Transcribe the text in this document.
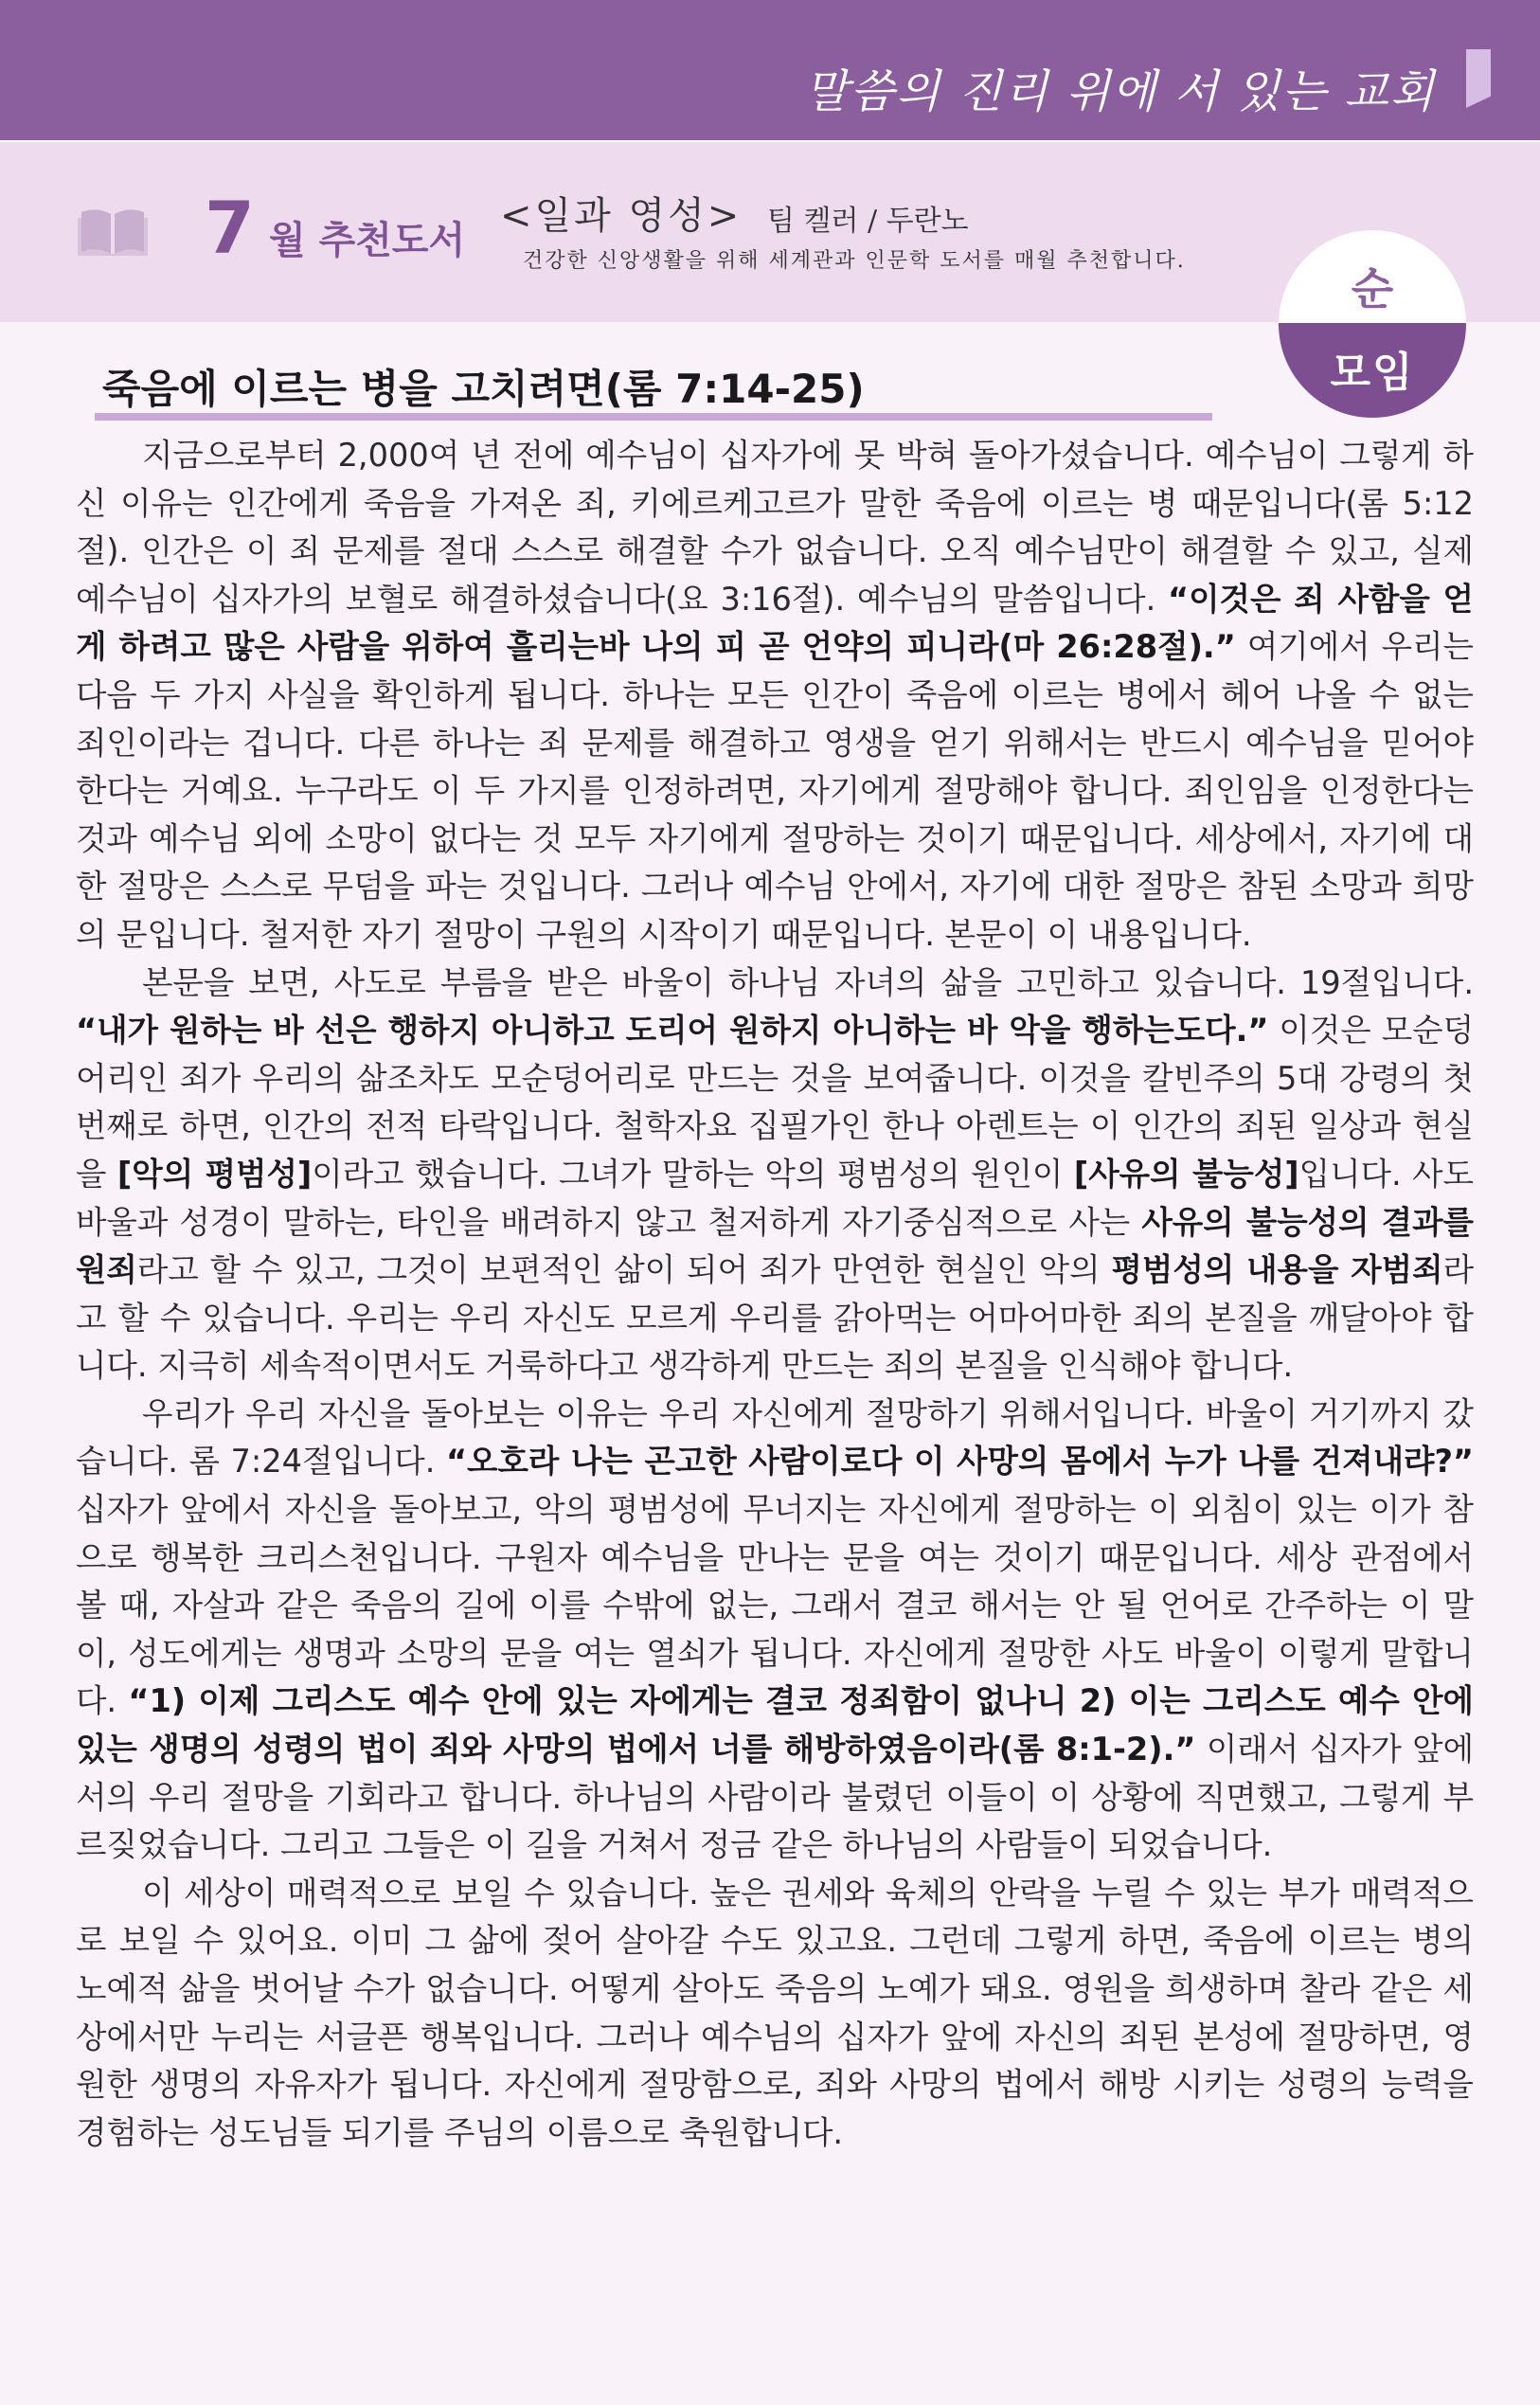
말씀의 진리 위에 서 있는 교회
7 월 추천도서
<일과 영성> 팀 켈러 / 두란노
건강한 신앙생활을 위해 세계관과 인문학 도서를 매월 추천합니다.
순
모임
죽음에 이르는 병을 고치려면(롬 7:14-25)

지금으로부터 2,000여 년 전에 예수님이 십자가에 못 박혀 돌아가셨습니다. 예수님이 그렇게 하신 이유는 인간에게 죽음을 가져온 죄, 키에르케고르가 말한 죽음에 이르는 병 때문입니다(롬 5:12절). 인간은 이 죄 문제를 절대 스스로 해결할 수가 없습니다. 오직 예수님만이 해결할 수 있고, 실제 예수님이 십자가의 보혈로 해결하셨습니다(요 3:16절). 예수님의 말씀입니다. “이것은 죄 사함을 얻게 하려고 많은 사람을 위하여 흘리는바 나의 피 곧 언약의 피니라(마 26:28절).” 여기에서 우리는 다음 두 가지 사실을 확인하게 됩니다. 하나는 모든 인간이 죽음에 이르는 병에서 헤어 나올 수 없는 죄인이라는 겁니다. 다른 하나는 죄 문제를 해결하고 영생을 얻기 위해서는 반드시 예수님을 믿어야 한다는 거예요. 누구라도 이 두 가지를 인정하려면, 자기에게 절망해야 합니다. 죄인임을 인정한다는 것과 예수님 외에 소망이 없다는 것 모두 자기에게 절망하는 것이기 때문입니다. 세상에서, 자기에 대한 절망은 스스로 무덤을 파는 것입니다. 그러나 예수님 안에서, 자기에 대한 절망은 참된 소망과 희망의 문입니다. 철저한 자기 절망이 구원의 시작이기 때문입니다. 본문이 이 내용입니다.

본문을 보면, 사도로 부름을 받은 바울이 하나님 자녀의 삶을 고민하고 있습니다. 19절입니다. “내가 원하는 바 선은 행하지 아니하고 도리어 원하지 아니하는 바 악을 행하는도다.” 이것은 모순덩어리인 죄가 우리의 삶조차도 모순덩어리로 만드는 것을 보여줍니다. 이것을 칼빈주의 5대 강령의 첫 번째로 하면, 인간의 전적 타락입니다. 철학자요 집필가인 한나 아렌트는 이 인간의 죄된 일상과 현실을 [악의 평범성]이라고 했습니다. 그녀가 말하는 악의 평범성의 원인이 [사유의 불능성]입니다. 사도 바울과 성경이 말하는, 타인을 배려하지 않고 철저하게 자기중심적으로 사는 사유의 불능성의 결과를 원죄라고 할 수 있고, 그것이 보편적인 삶이 되어 죄가 만연한 현실인 악의 평범성의 내용을 자범죄라고 할 수 있습니다. 우리는 우리 자신도 모르게 우리를 갉아먹는 어마어마한 죄의 본질을 깨달아야 합니다. 지극히 세속적이면서도 거룩하다고 생각하게 만드는 죄의 본질을 인식해야 합니다.

우리가 우리 자신을 돌아보는 이유는 우리 자신에게 절망하기 위해서입니다. 바울이 거기까지 갔습니다. 롬 7:24절입니다. “오호라 나는 곤고한 사람이로다 이 사망의 몸에서 누가 나를 건져내랴?” 십자가 앞에서 자신을 돌아보고, 악의 평범성에 무너지는 자신에게 절망하는 이 외침이 있는 이가 참으로 행복한 크리스천입니다. 구원자 예수님을 만나는 문을 여는 것이기 때문입니다. 세상 관점에서 볼 때, 자살과 같은 죽음의 길에 이를 수밖에 없는, 그래서 결코 해서는 안 될 언어로 간주하는 이 말이, 성도에게는 생명과 소망의 문을 여는 열쇠가 됩니다. 자신에게 절망한 사도 바울이 이렇게 말합니다. “1) 이제 그리스도 예수 안에 있는 자에게는 결코 정죄함이 없나니 2) 이는 그리스도 예수 안에 있는 생명의 성령의 법이 죄와 사망의 법에서 너를 해방하였음이라(롬 8:1-2).” 이래서 십자가 앞에서의 우리 절망을 기회라고 합니다. 하나님의 사람이라 불렸던 이들이 이 상황에 직면했고, 그렇게 부르짖었습니다. 그리고 그들은 이 길을 거쳐서 정금 같은 하나님의 사람들이 되었습니다.

이 세상이 매력적으로 보일 수 있습니다. 높은 권세와 육체의 안락을 누릴 수 있는 부가 매력적으로 보일 수 있어요. 이미 그 삶에 젖어 살아갈 수도 있고요. 그런데 그렇게 하면, 죽음에 이르는 병의 노예적 삶을 벗어날 수가 없습니다. 어떻게 살아도 죽음의 노예가 돼요. 영원을 희생하며 찰라 같은 세상에서만 누리는 서글픈 행복입니다. 그러나 예수님의 십자가 앞에 자신의 죄된 본성에 절망하면, 영원한 생명의 자유자가 됩니다. 자신에게 절망함으로, 죄와 사망의 법에서 해방 시키는 성령의 능력을 경험하는 성도님들 되기를 주님의 이름으로 축원합니다.
